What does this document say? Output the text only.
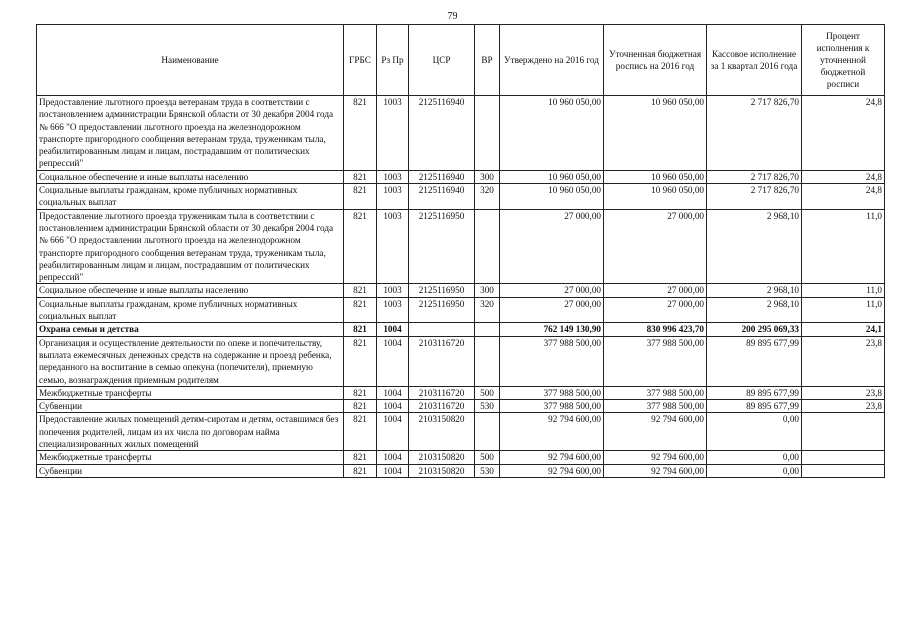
79
Наименование	ГРБС	Рз Пр	ЦСР	ВР	Утверждено на 2016 год	Уточненная бюджетная роспись на 2016 год	Кассовое исполнение за 1 квартал 2016 года	Процент исполнения к уточненной бюджетной росписи
Предоставление льготного проезда ветеранам труда в соответствии с постановлением администрации Брянской области от 30 декабря 2004 года № 666 "О предоставлении льготного проезда на железнодорожном транспорте пригородного сообщения ветеранам труда, труженикам тыла, реабилитированным лицам и лицам, пострадавшим от политических репрессий"	821	1003	2125116940		10 960 050,00	10 960 050,00	2 717 826,70	24,8
Социальное обеспечение и иные выплаты населению	821	1003	2125116940	300	10 960 050,00	10 960 050,00	2 717 826,70	24,8
Социальные выплаты гражданам, кроме публичных нормативных социальных выплат	821	1003	2125116940	320	10 960 050,00	10 960 050,00	2 717 826,70	24,8
Предоставление льготного проезда труженикам тыла в соответствии с постановлением администрации Брянской области от 30 декабря 2004 года № 666 "О предоставлении льготного проезда на железнодорожном транспорте пригородного сообщения ветеранам труда, труженикам тыла, реабилитированным лицам и лицам, пострадавшим от политических репрессий"	821	1003	2125116950		27 000,00	27 000,00	2 968,10	11,0
Социальное обеспечение и иные выплаты населению	821	1003	2125116950	300	27 000,00	27 000,00	2 968,10	11,0
Социальные выплаты гражданам, кроме публичных нормативных социальных выплат	821	1003	2125116950	320	27 000,00	27 000,00	2 968,10	11,0
Охрана семьи и детства	821	1004			762 149 130,90	830 996 423,70	200 295 069,33	24,1
Организация и осуществление деятельности по опеке и попечительству, выплата ежемесячных денежных средств на содержание и проезд ребенка, переданного на воспитание в семью опекуна (попечителя), приемную семью, вознаграждения приемным родителям	821	1004	2103116720		377 988 500,00	377 988 500,00	89 895 677,99	23,8
Межбюджетные трансферты	821	1004	2103116720	500	377 988 500,00	377 988 500,00	89 895 677,99	23,8
Субвенции	821	1004	2103116720	530	377 988 500,00	377 988 500,00	89 895 677,99	23,8
Предоставление жилых помещений детям-сиротам и детям, оставшимся без попечения родителей, лицам из их числа по договорам найма специализированных жилых помещений	821	1004	2103150820		92 794 600,00	92 794 600,00	0,00	
Межбюджетные трансферты	821	1004	2103150820	500	92 794 600,00	92 794 600,00	0,00	
Субвенции	821	1004	2103150820	530	92 794 600,00	92 794 600,00	0,00	
